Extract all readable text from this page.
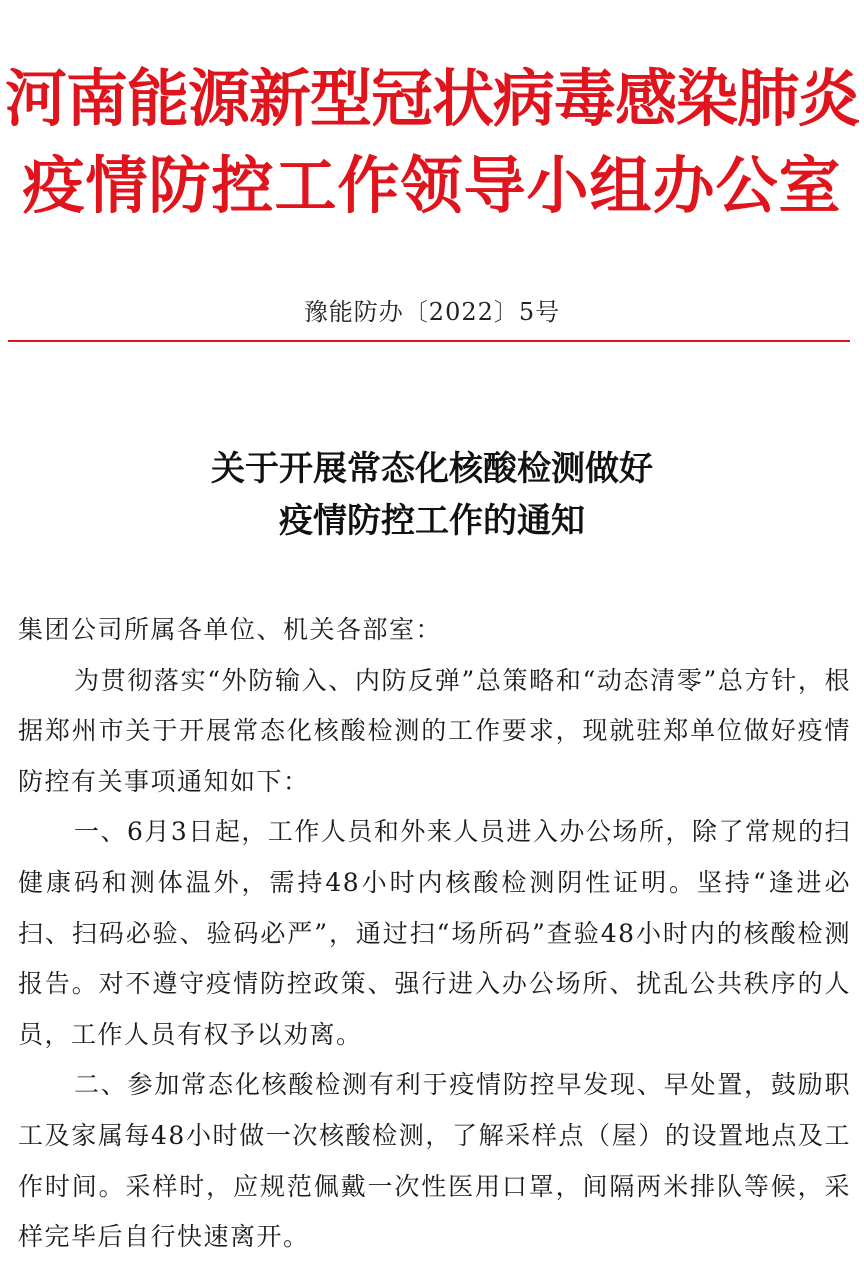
河南能源新型冠状病毒感染肺炎
疫情防控工作领导小组办公室
豫能防办〔2022〕5号
关于开展常态化核酸检测做好
疫情防控工作的通知

集团公司所属各单位、机关各部室：

为贯彻落实“外防输入、内防反弹”总策略和“动态清零”总方针，根据郑州市关于开展常态化核酸检测的工作要求，现就驻郑单位做好疫情防控有关事项通知如下：

一、6月3日起，工作人员和外来人员进入办公场所，除了常规的扫健康码和测体温外，需持48小时内核酸检测阴性证明。坚持“逢进必扫、扫码必验、验码必严”，通过扫“场所码”查验48小时内的核酸检测报告。对不遵守疫情防控政策、强行进入办公场所、扰乱公共秩序的人员，工作人员有权予以劝离。

二、参加常态化核酸检测有利于疫情防控早发现、早处置，鼓励职工及家属每48小时做一次核酸检测，了解采样点（屋）的设置地点及工作时间。采样时，应规范佩戴一次性医用口罩，间隔两米排队等候，采样完毕后自行快速离开。
